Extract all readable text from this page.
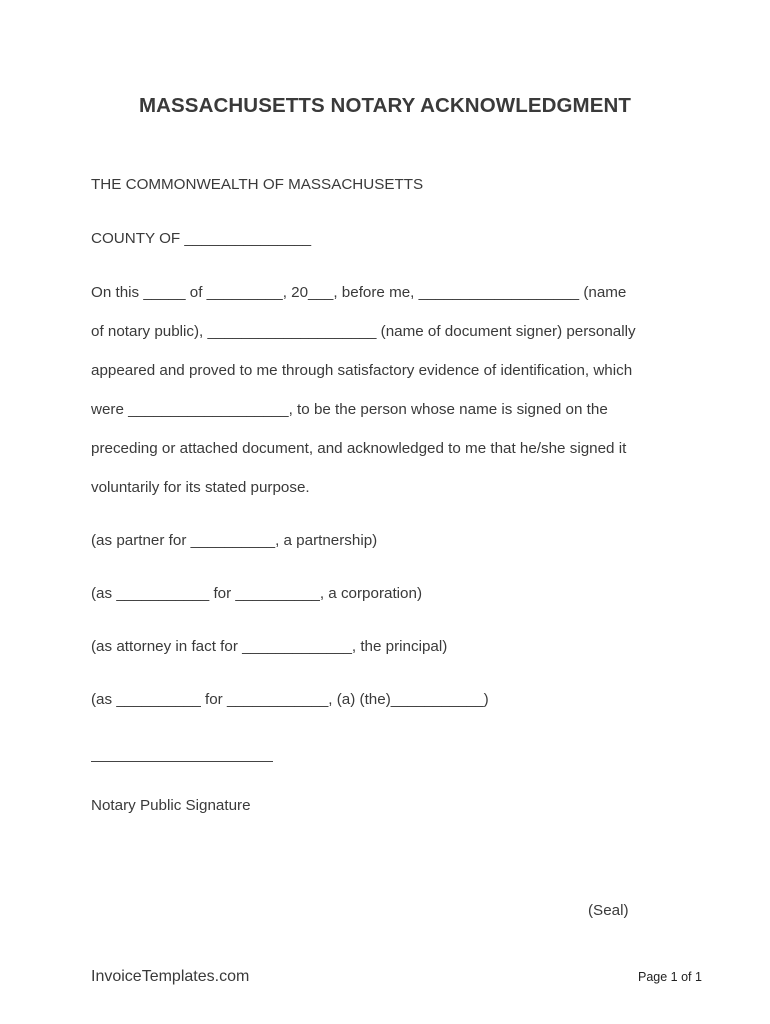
MASSACHUSETTS NOTARY ACKNOWLEDGMENT
THE COMMONWEALTH OF MASSACHUSETTS
COUNTY OF _______________
On this _____ of _________, 20___, before me, ___________________ (name
of notary public), ____________________ (name of document signer) personally
appeared and proved to me through satisfactory evidence of identification, which
were ___________________, to be the person whose name is signed on the
preceding or attached document, and acknowledged to me that he/she signed it
voluntarily for its stated purpose.
(as partner for __________, a partnership)
(as ___________ for __________, a corporation)
(as attorney in fact for _____________, the principal)
(as __________ for ____________, (a) (the)___________)
Notary Public Signature
(Seal)
InvoiceTemplates.com	Page 1 of 1
